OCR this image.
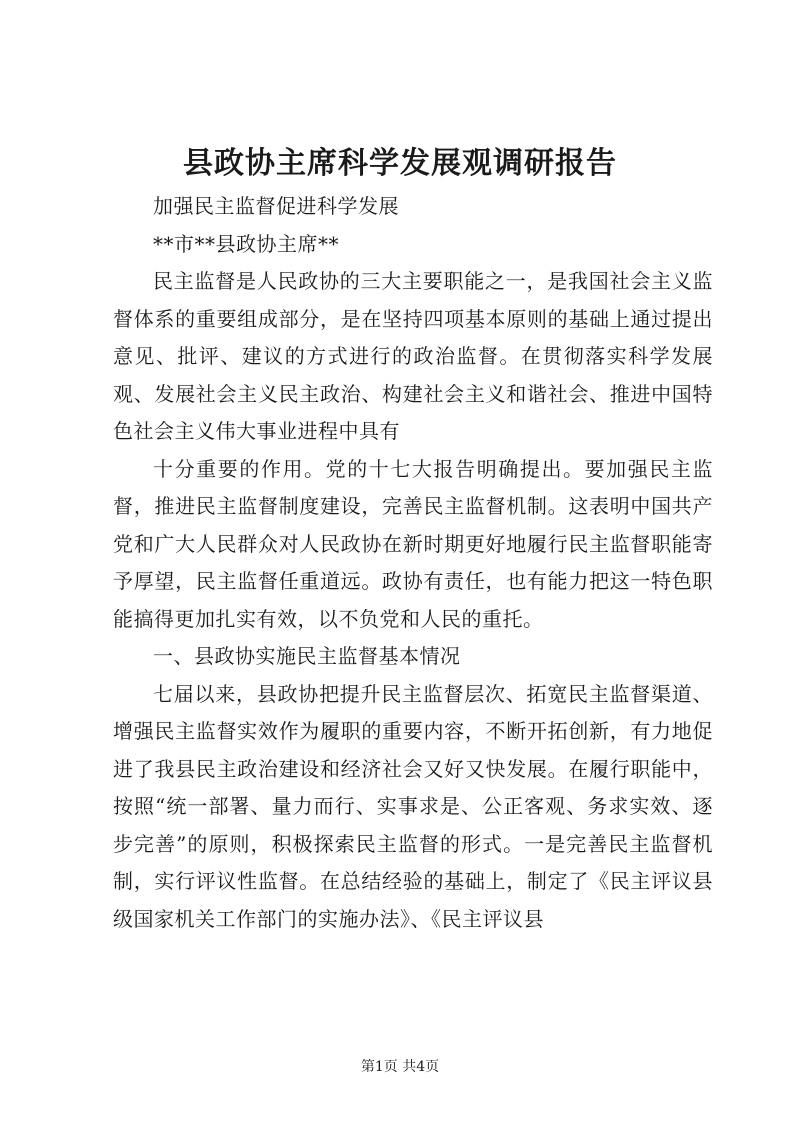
县政协主席科学发展观调研报告

加强民主监督促进科学发展

**市**县政协主席**

民主监督是人民政协的三大主要职能之一，是我国社会主义监督体系的重要组成部分，是在坚持四项基本原则的基础上通过提出意见、批评、建议的方式进行的政治监督。在贯彻落实科学发展观、发展社会主义民主政治、构建社会主义和谐社会、推进中国特色社会主义伟大事业进程中具有

十分重要的作用。党的十七大报告明确提出。要加强民主监督，推进民主监督制度建设，完善民主监督机制。这表明中国共产党和广大人民群众对人民政协在新时期更好地履行民主监督职能寄予厚望，民主监督任重道远。政协有责任，也有能力把这一特色职能搞得更加扎实有效，以不负党和人民的重托。

一、县政协实施民主监督基本情况

七届以来，县政协把提升民主监督层次、拓宽民主监督渠道、增强民主监督实效作为履职的重要内容，不断开拓创新，有力地促进了我县民主政治建设和经济社会又好又快发展。在履行职能中，按照“统一部署、量力而行、实事求是、公正客观、务求实效、逐步完善”的原则，积极探索民主监督的形式。一是完善民主监督机制，实行评议性监督。在总结经验的基础上，制定了《民主评议县级国家机关工作部门的实施办法》、《民主评议县

第1页 共4页
